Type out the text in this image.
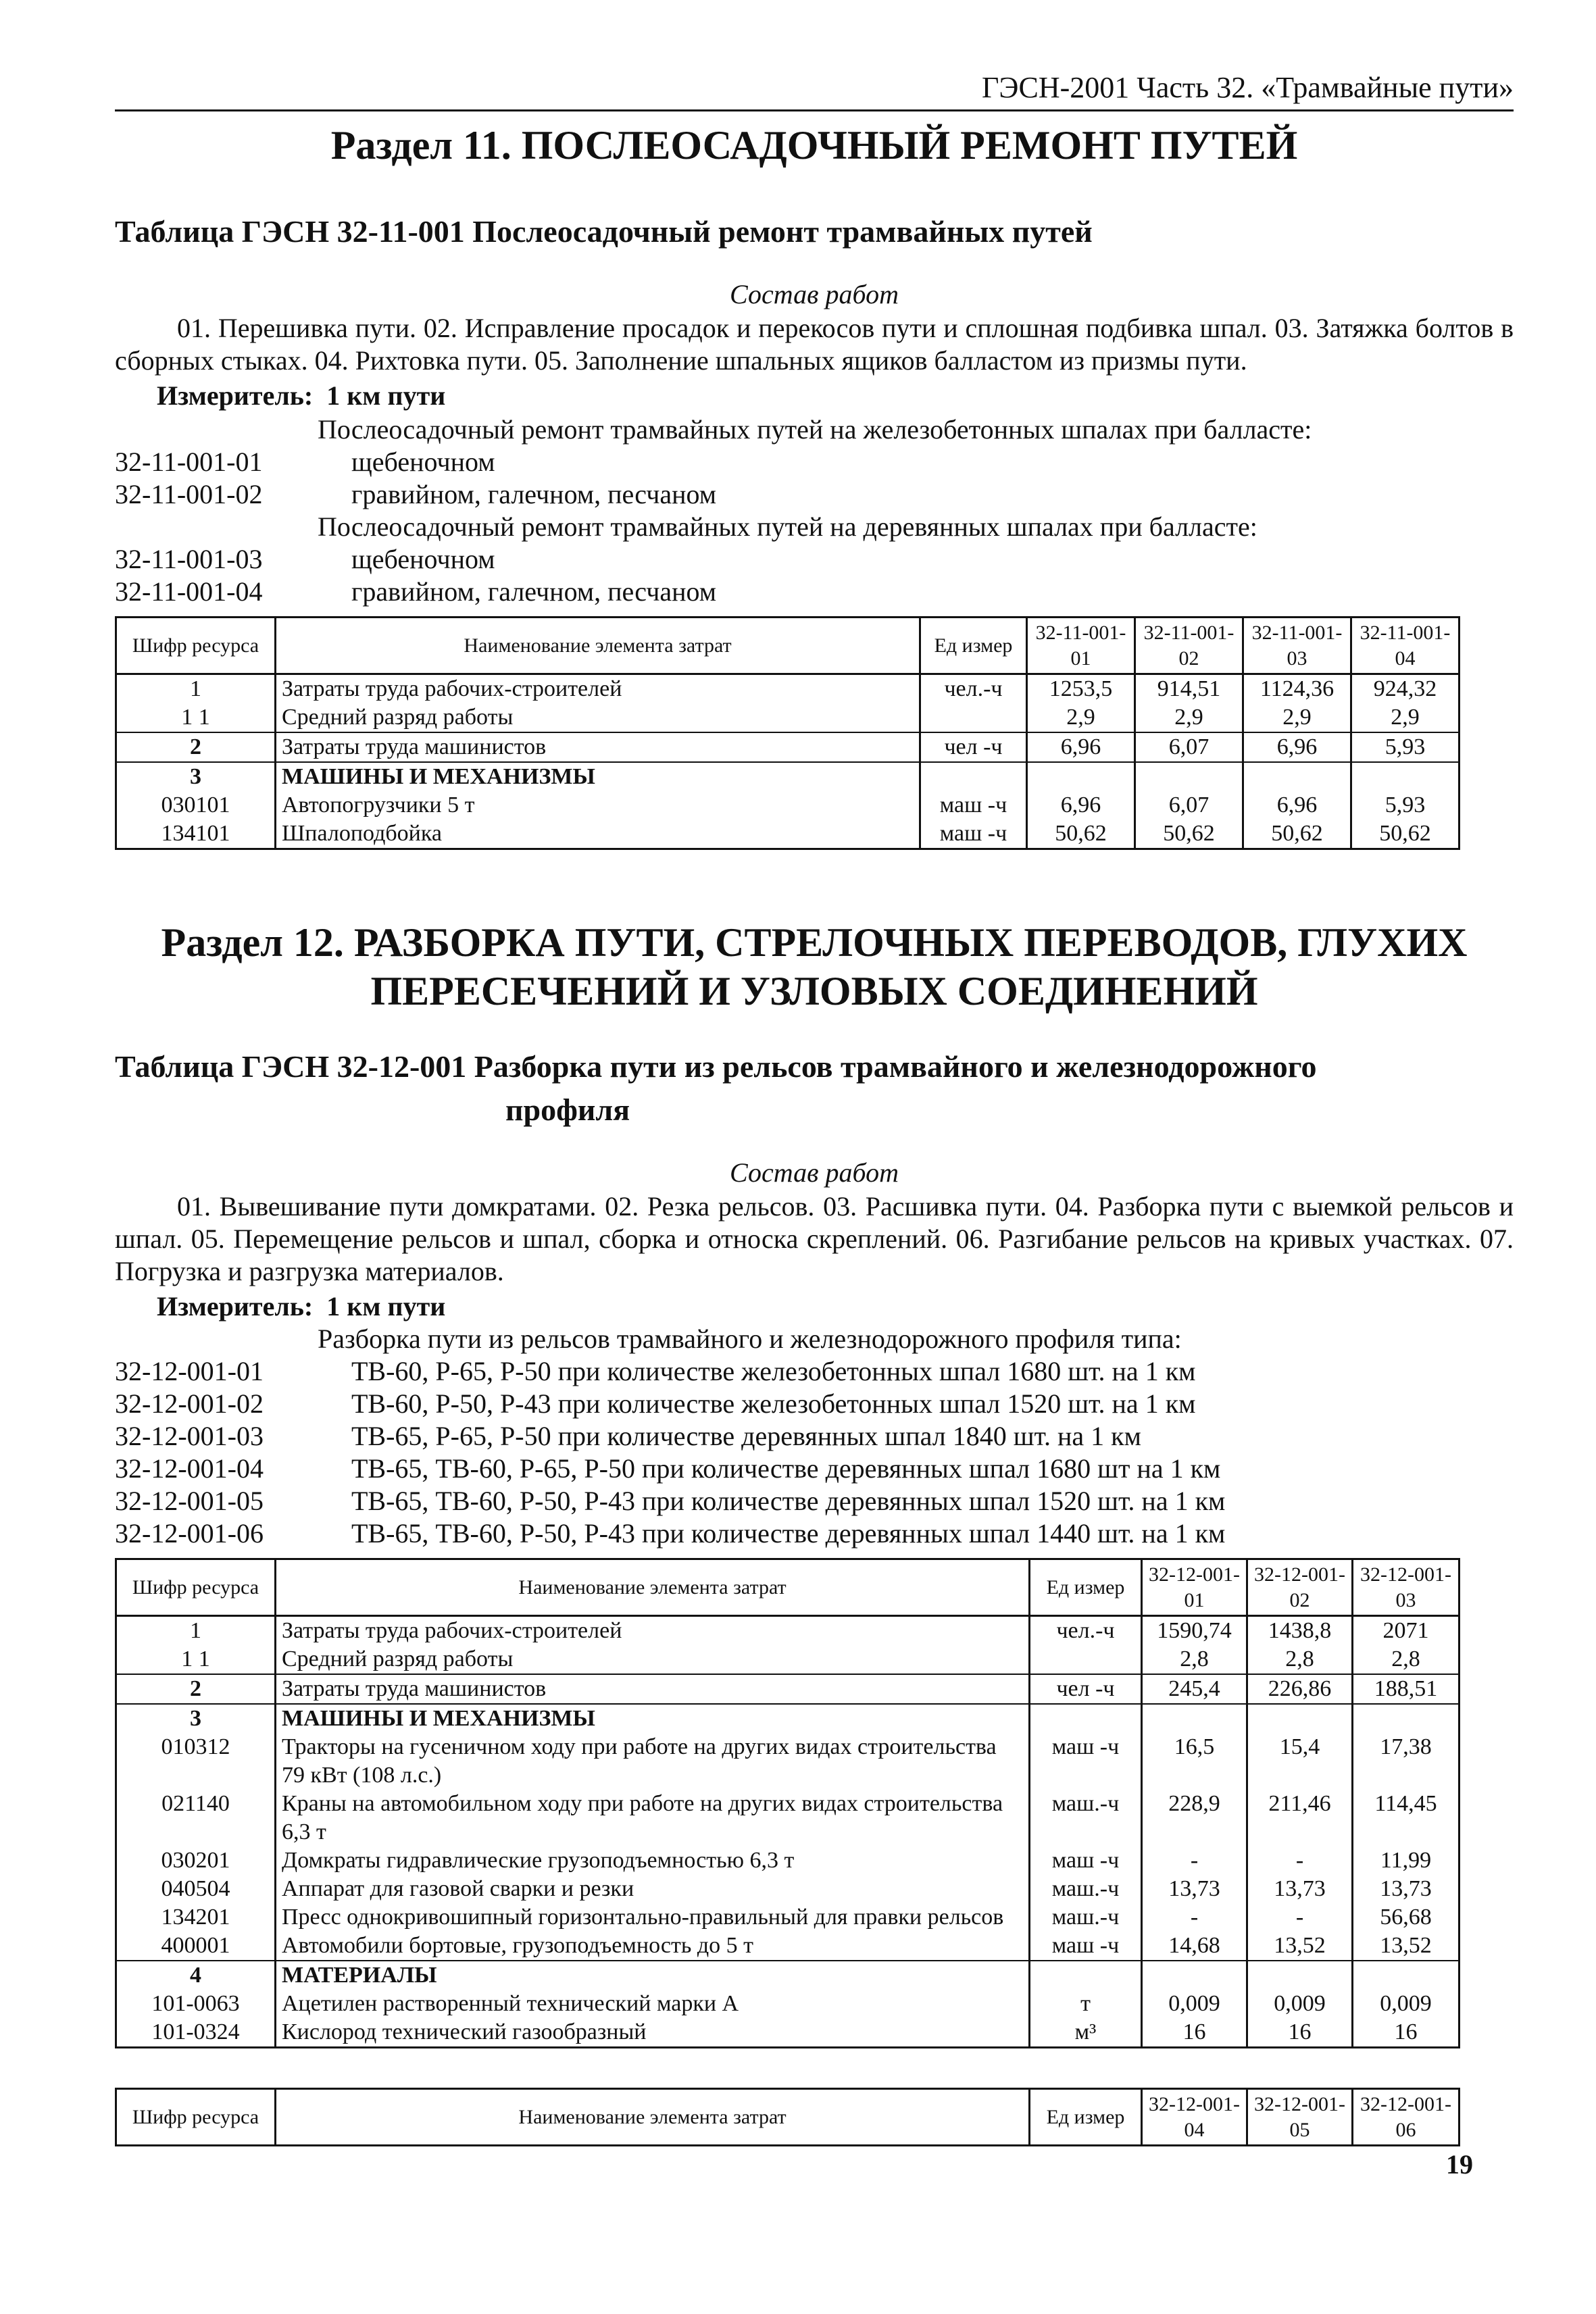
ГЭСН-2001 Часть 32. «Трамвайные пути»
Раздел 11. ПОСЛЕОСАДОЧНЫЙ РЕМОНТ ПУТЕЙ
Таблица ГЭСН 32-11-001 Послеосадочный ремонт трамвайных путей
Состав работ
01. Перешивка пути. 02. Исправление просадок и перекосов пути и сплошная подбивка шпал. 03. Затяжка болтов в сборных стыках. 04. Рихтовка пути. 05. Заполнение шпальных ящиков балластом из призмы пути.
Измеритель: 1 км пути
Послеосадочный ремонт трамвайных путей на железобетонных шпалах при балласте:
32-11-001-01	щебеночном
32-11-001-02	гравийном, галечном, песчаном
Послеосадочный ремонт трамвайных путей на деревянных шпалах при балласте:
32-11-001-03	щебеночном
32-11-001-04	гравийном, галечном, песчаном
Шифр ресурса	Наименование элемента затрат	Ед измер	32-11-001-01	32-11-001-02	32-11-001-03	32-11-001-04
1	Затраты труда рабочих-строителей	чел.-ч	1253,5	914,51	1124,36	924,32
1 1	Средний разряд работы		2,9	2,9	2,9	2,9
2	Затраты труда машинистов	чел -ч	6,96	6,07	6,96	5,93
3	МАШИНЫ И МЕХАНИЗМЫ					
030101	Автопогрузчики 5 т	маш -ч	6,96	6,07	6,96	5,93
134101	Шпалоподбойка	маш -ч	50,62	50,62	50,62	50,62
Раздел 12. РАЗБОРКА ПУТИ, СТРЕЛОЧНЫХ ПЕРЕВОДОВ, ГЛУХИХ
ПЕРЕСЕЧЕНИЙ И УЗЛОВЫХ СОЕДИНЕНИЙ
Таблица ГЭСН 32-12-001 Разборка пути из рельсов трамвайного и железнодорожного
профиля
Состав работ
01. Вывешивание пути домкратами. 02. Резка рельсов. 03. Расшивка пути. 04. Разборка пути с выемкой рельсов и шпал. 05. Перемещение рельсов и шпал, сборка и относка скреплений. 06. Разгибание рельсов на кривых участках. 07. Погрузка и разгрузка материалов.
Измеритель: 1 км пути
Разборка пути из рельсов трамвайного и железнодорожного профиля типа:
32-12-001-01	ТВ-60, Р-65, Р-50 при количестве железобетонных шпал 1680 шт. на 1 км
32-12-001-02	ТВ-60, Р-50, Р-43 при количестве железобетонных шпал 1520 шт. на 1 км
32-12-001-03	ТВ-65, Р-65, Р-50 при количестве деревянных шпал 1840 шт. на 1 км
32-12-001-04	ТВ-65, ТВ-60, Р-65, Р-50 при количестве деревянных шпал 1680 шт на 1 км
32-12-001-05	ТВ-65, ТВ-60, Р-50, Р-43 при количестве деревянных шпал 1520 шт. на 1 км
32-12-001-06	ТВ-65, ТВ-60, Р-50, Р-43 при количестве деревянных шпал 1440 шт. на 1 км
Шифр ресурса	Наименование элемента затрат	Ед измер	32-12-001-01	32-12-001-02	32-12-001-03
1	Затраты труда рабочих-строителей	чел.-ч	1590,74	1438,8	2071
1 1	Средний разряд работы		2,8	2,8	2,8
2	Затраты труда машинистов	чел -ч	245,4	226,86	188,51
3	МАШИНЫ И МЕХАНИЗМЫ				
010312	Тракторы на гусеничном ходу при работе на других видах строительства 79 кВт (108 л.с.)	маш -ч	16,5	15,4	17,38
021140	Краны на автомобильном ходу при работе на других видах строительства 6,3 т	маш.-ч	228,9	211,46	114,45
030201	Домкраты гидравлические грузоподъемностью 6,3 т	маш -ч	-	-	11,99
040504	Аппарат для газовой сварки и резки	маш.-ч	13,73	13,73	13,73
134201	Пресс однокривошипный горизонтально-правильный для правки рельсов	маш.-ч	-	-	56,68
400001	Автомобили бортовые, грузоподъемность до 5 т	маш -ч	14,68	13,52	13,52
4	МАТЕРИАЛЫ				
101-0063	Ацетилен растворенный технический марки А	т	0,009	0,009	0,009
101-0324	Кислород технический газообразный	м³	16	16	16
Шифр ресурса	Наименование элемента затрат	Ед измер	32-12-001-04	32-12-001-05	32-12-001-06
19
